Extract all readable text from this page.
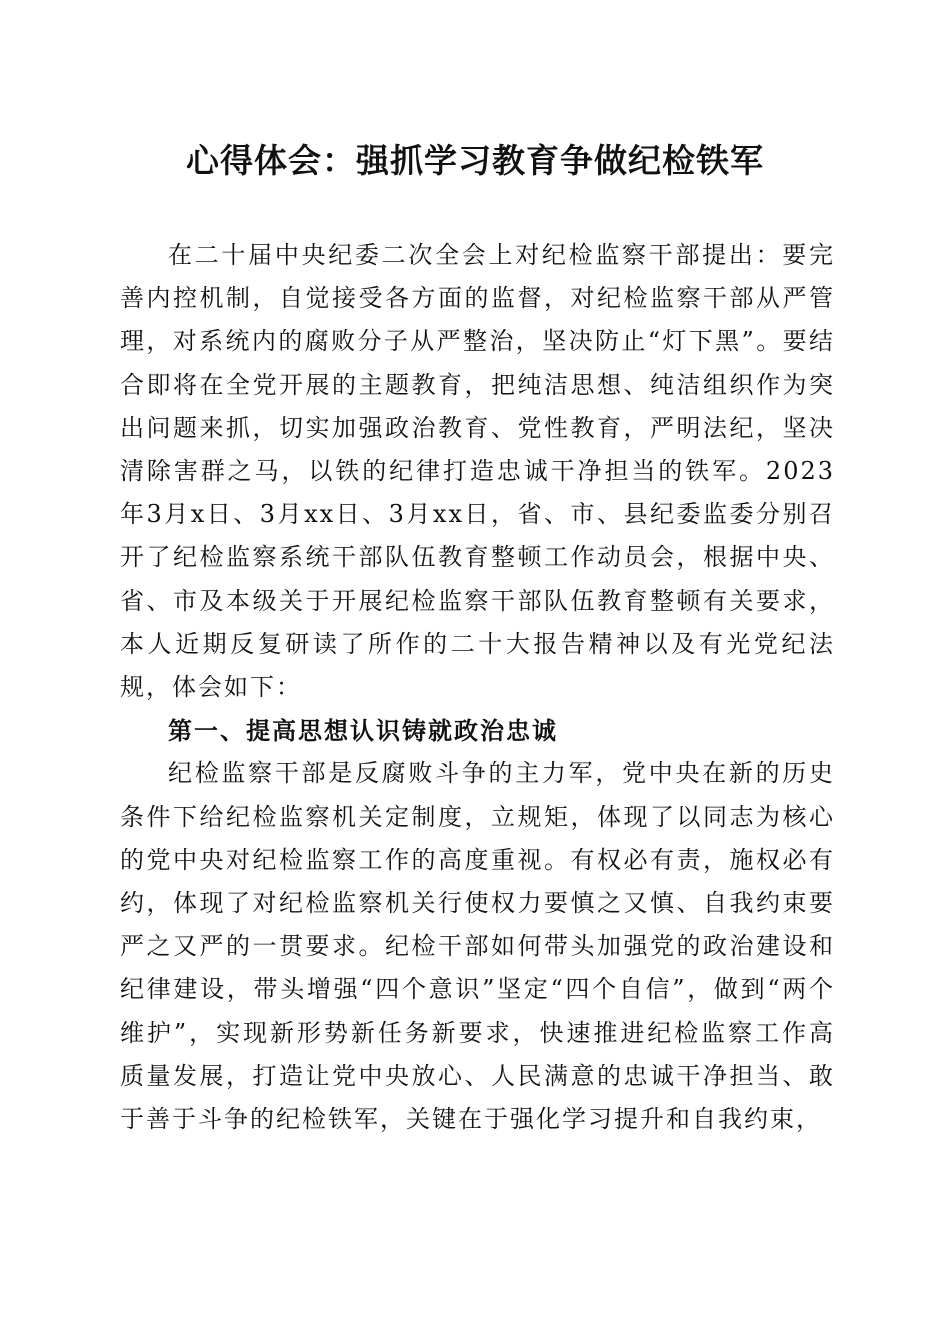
心得体会：强抓学习教育争做纪检铁军

在二十届中央纪委二次全会上对纪检监察干部提出：要完善内控机制，自觉接受各方面的监督，对纪检监察干部从严管理，对系统内的腐败分子从严整治，坚决防止“灯下黑”。要结合即将在全党开展的主题教育，把纯洁思想、纯洁组织作为突出问题来抓，切实加强政治教育、党性教育，严明法纪，坚决清除害群之马，以铁的纪律打造忠诚干净担当的铁军。2023年3月x日、3月xx日、3月xx日，省、市、县纪委监委分别召开了纪检监察系统干部队伍教育整顿工作动员会，根据中央、省、市及本级关于开展纪检监察干部队伍教育整顿有关要求，本人近期反复研读了所作的二十大报告精神以及有光党纪法规，体会如下：

第一、提高思想认识铸就政治忠诚

纪检监察干部是反腐败斗争的主力军，党中央在新的历史条件下给纪检监察机关定制度，立规矩，体现了以同志为核心的党中央对纪检监察工作的高度重视。有权必有责，施权必有约，体现了对纪检监察机关行使权力要慎之又慎、自我约束要严之又严的一贯要求。纪检干部如何带头加强党的政治建设和纪律建设，带头增强“四个意识”坚定“四个自信”，做到“两个维护”，实现新形势新任务新要求，快速推进纪检监察工作高质量发展，打造让党中央放心、人民满意的忠诚干净担当、敢于善于斗争的纪检铁军，关键在于强化学习提升和自我约束，
